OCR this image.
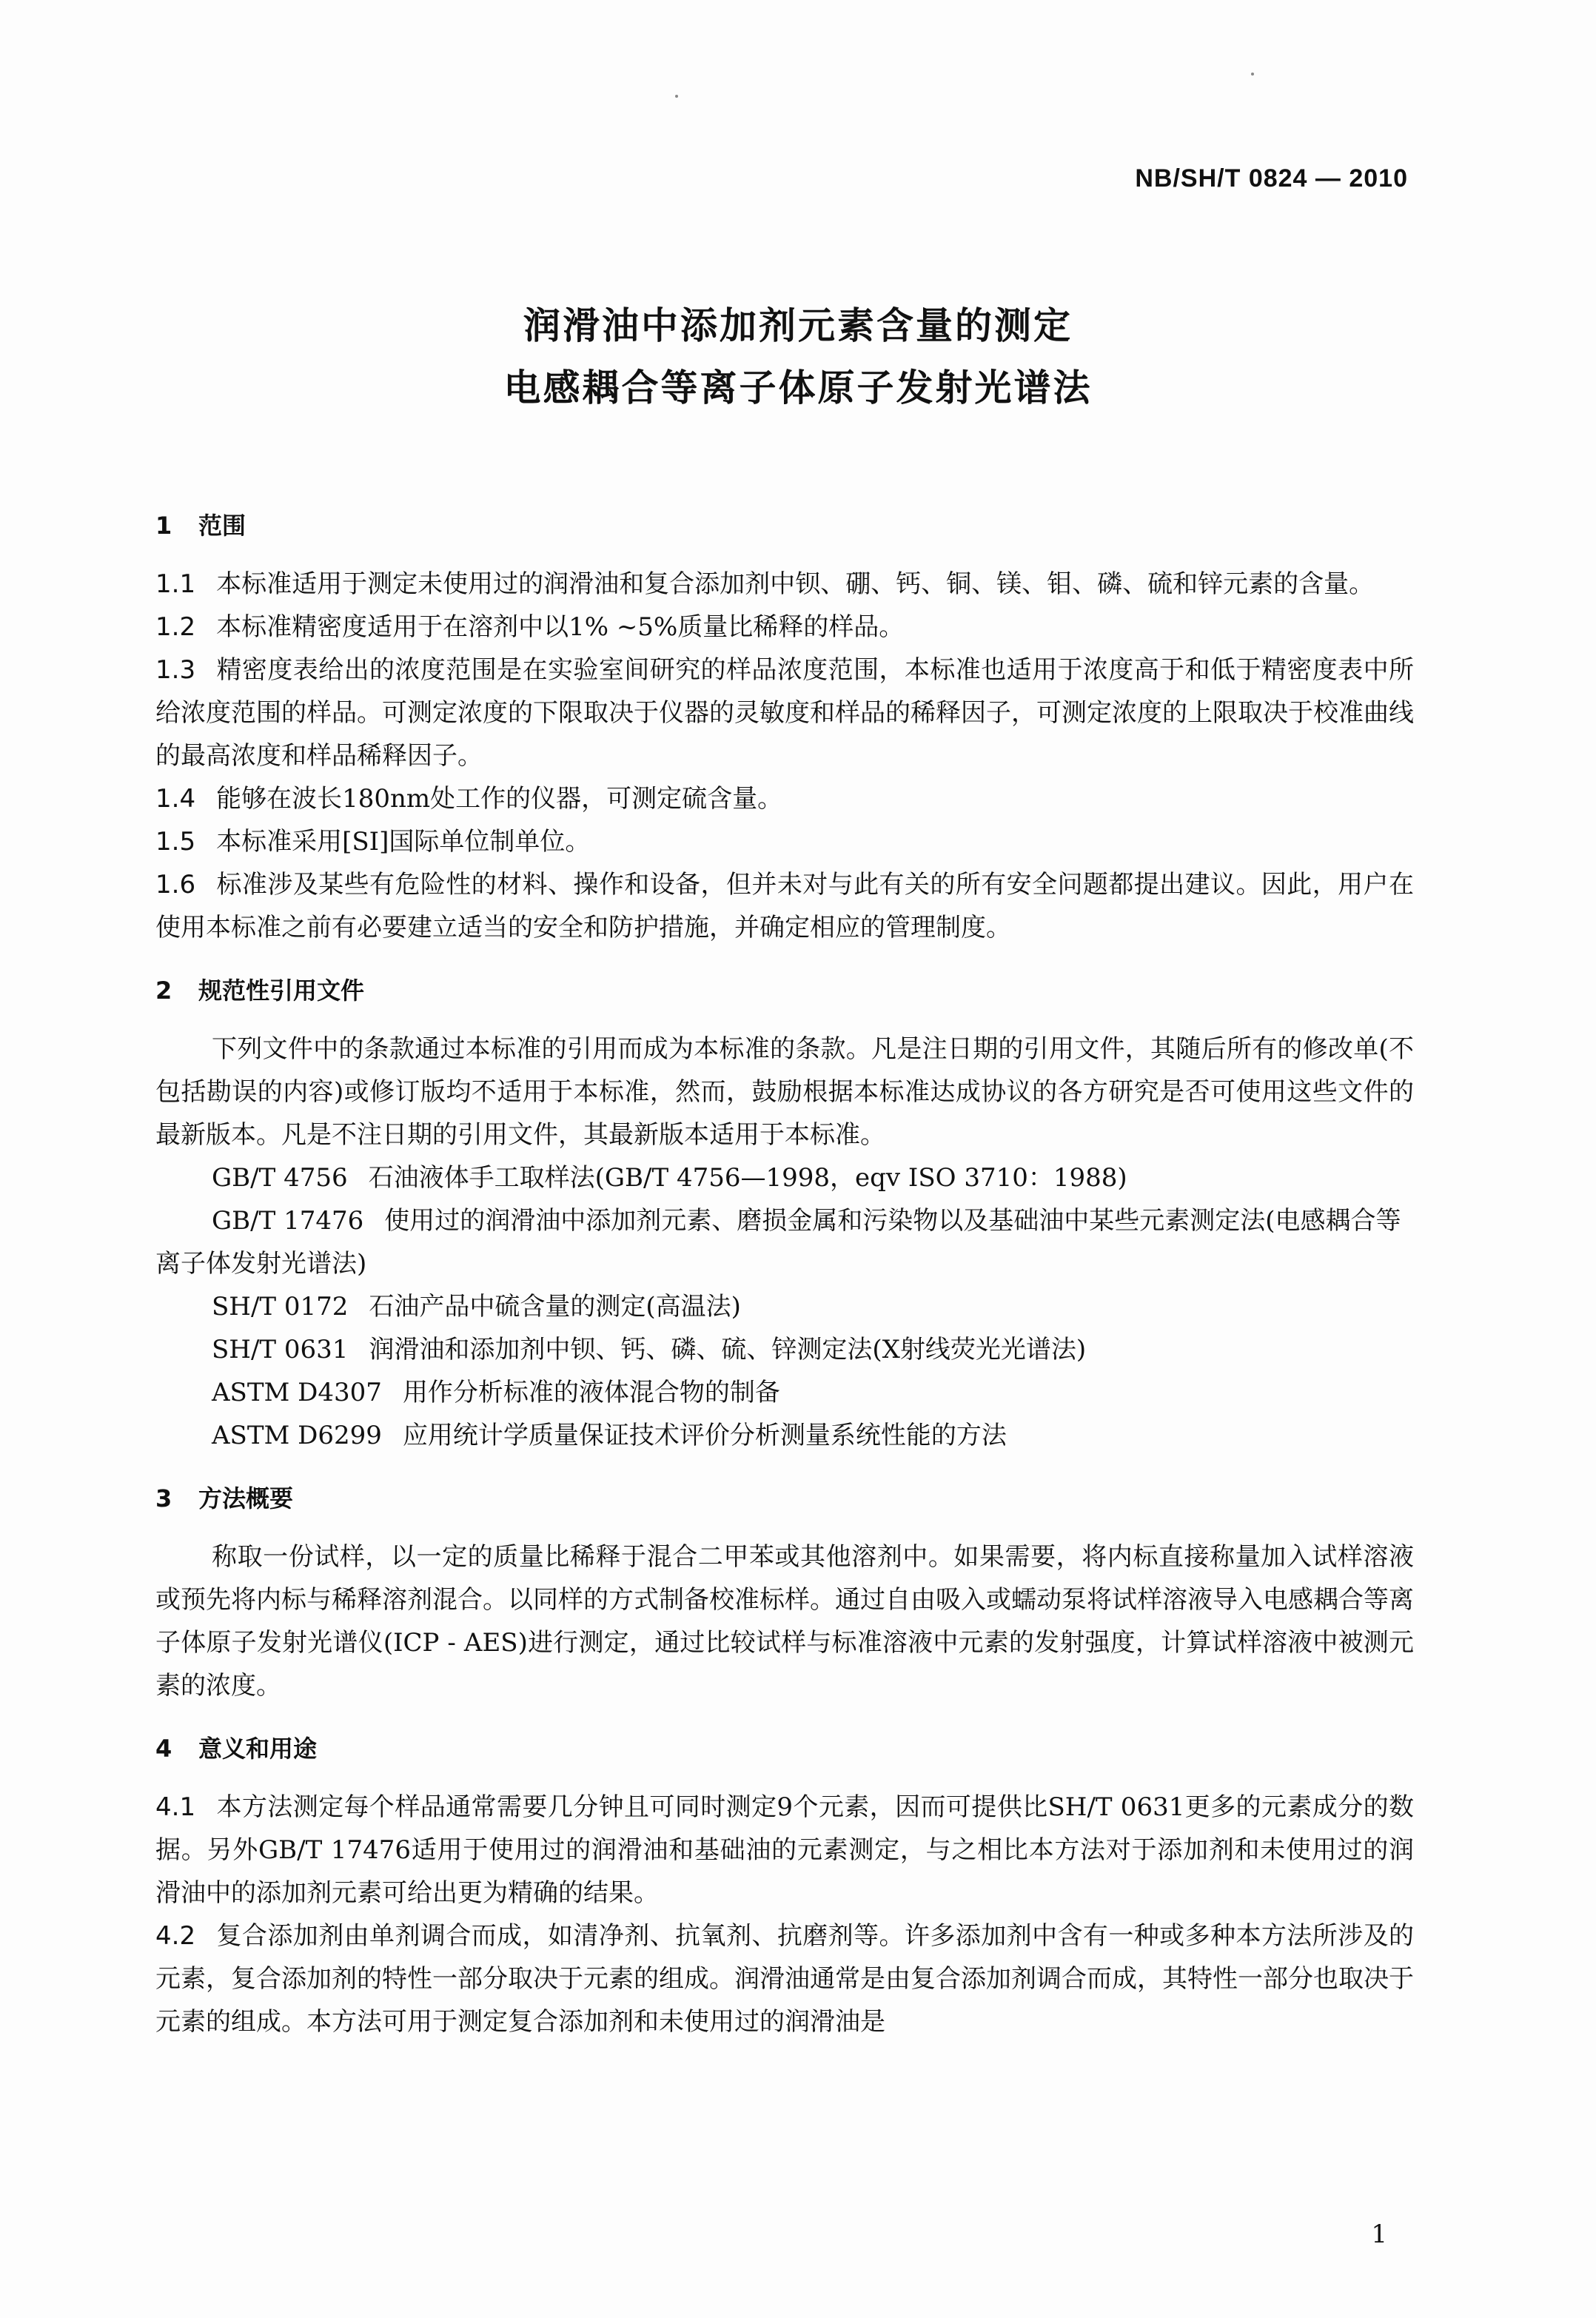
NB/SH/T 0824 — 2010
润滑油中添加剂元素含量的测定
电感耦合等离子体原子发射光谱法
1 范围

1.1 本标准适用于测定未使用过的润滑油和复合添加剂中钡、硼、钙、铜、镁、钼、磷、硫和锌元素的含量。

1.2 本标准精密度适用于在溶剂中以1% ~5%质量比稀释的样品。

1.3 精密度表给出的浓度范围是在实验室间研究的样品浓度范围，本标准也适用于浓度高于和低于精密度表中所给浓度范围的样品。可测定浓度的下限取决于仪器的灵敏度和样品的稀释因子，可测定浓度的上限取决于校准曲线的最高浓度和样品稀释因子。

1.4 能够在波长180nm处工作的仪器，可测定硫含量。

1.5 本标准采用[SI]国际单位制单位。

1.6 标准涉及某些有危险性的材料、操作和设备，但并未对与此有关的所有安全问题都提出建议。因此，用户在使用本标准之前有必要建立适当的安全和防护措施，并确定相应的管理制度。

2 规范性引用文件

下列文件中的条款通过本标准的引用而成为本标准的条款。凡是注日期的引用文件，其随后所有的修改单(不包括勘误的内容)或修订版均不适用于本标准，然而，鼓励根据本标准达成协议的各方研究是否可使用这些文件的最新版本。凡是不注日期的引用文件，其最新版本适用于本标准。

GB/T 4756 石油液体手工取样法(GB/T 4756—1998，eqv ISO 3710：1988)

GB/T 17476 使用过的润滑油中添加剂元素、磨损金属和污染物以及基础油中某些元素测定法(电感耦合等离子体发射光谱法)

SH/T 0172 石油产品中硫含量的测定(高温法)

SH/T 0631 润滑油和添加剂中钡、钙、磷、硫、锌测定法(X射线荧光光谱法)

ASTM D4307 用作分析标准的液体混合物的制备

ASTM D6299 应用统计学质量保证技术评价分析测量系统性能的方法

3 方法概要

称取一份试样，以一定的质量比稀释于混合二甲苯或其他溶剂中。如果需要，将内标直接称量加入试样溶液或预先将内标与稀释溶剂混合。以同样的方式制备校准标样。通过自由吸入或蠕动泵将试样溶液导入电感耦合等离子体原子发射光谱仪(ICP - AES)进行测定，通过比较试样与标准溶液中元素的发射强度，计算试样溶液中被测元素的浓度。

4 意义和用途

4.1 本方法测定每个样品通常需要几分钟且可同时测定9个元素，因而可提供比SH/T 0631更多的元素成分的数据。另外GB/T 17476适用于使用过的润滑油和基础油的元素测定，与之相比本方法对于添加剂和未使用过的润滑油中的添加剂元素可给出更为精确的结果。

4.2 复合添加剂由单剂调合而成，如清净剂、抗氧剂、抗磨剂等。许多添加剂中含有一种或多种本方法所涉及的元素，复合添加剂的特性一部分取决于元素的组成。润滑油通常是由复合添加剂调合而成，其特性一部分也取决于元素的组成。本方法可用于测定复合添加剂和未使用过的润滑油是

1
